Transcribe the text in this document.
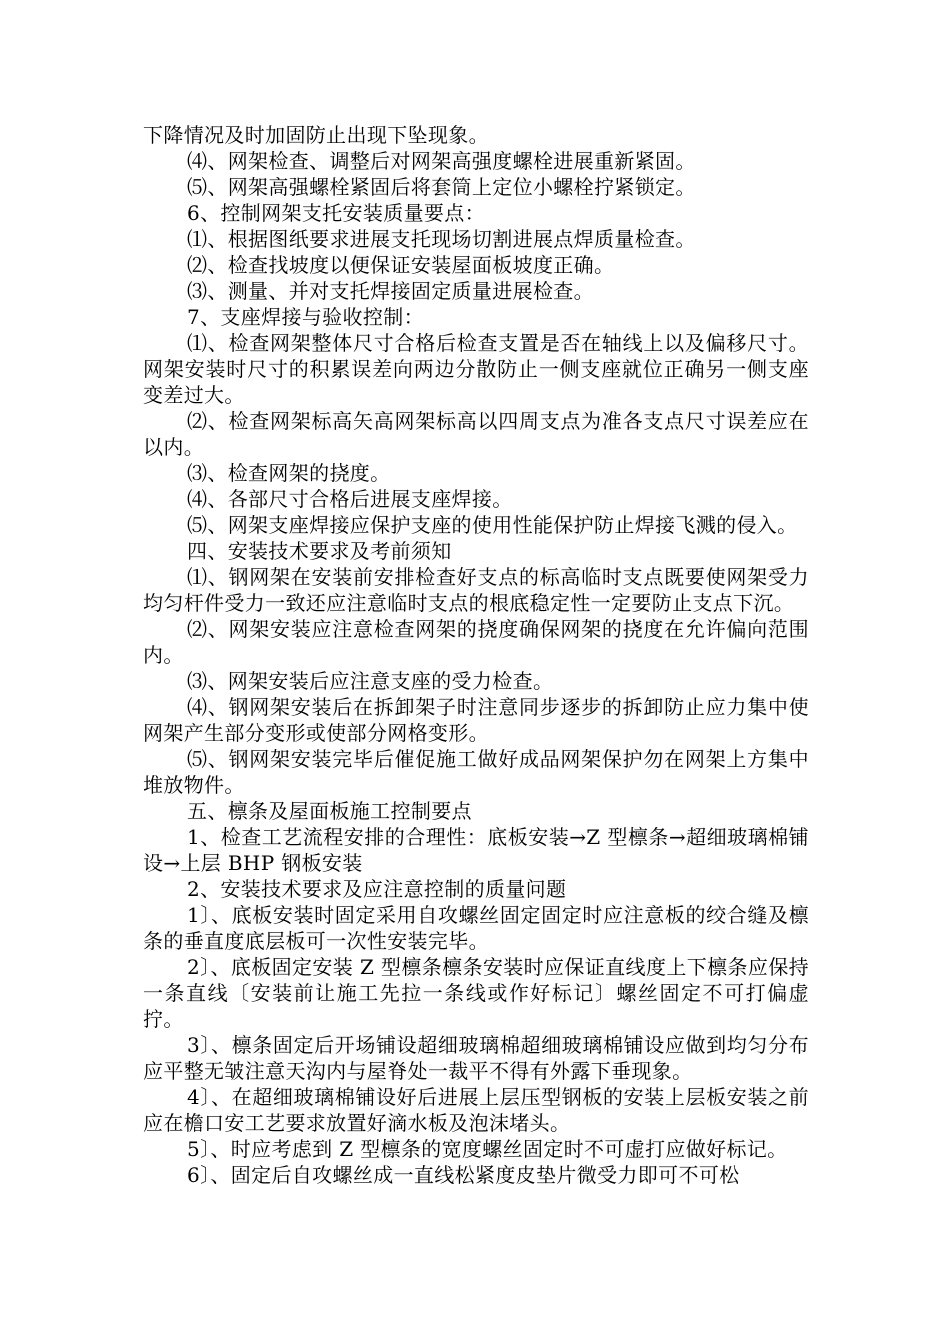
下降情况及时加固防止出现下坠现象。

⑷、网架检查、调整后对网架高强度螺栓进展重新紧固。

⑸、网架高强螺栓紧固后将套筒上定位小螺栓拧紧锁定。

6、控制网架支托安装质量要点：

⑴、根据图纸要求进展支托现场切割进展点焊质量检查。

⑵、检查找坡度以便保证安装屋面板坡度正确。

⑶、测量、并对支托焊接固定质量进展检查。

7、支座焊接与验收控制：

⑴、检查网架整体尺寸合格后检查支置是否在轴线上以及偏移尺寸。网架安装时尺寸的积累误差向两边分散防止一侧支座就位正确另一侧支座变差过大。

⑵、检查网架标高矢高网架标高以四周支点为准各支点尺寸误差应在以内。

⑶、检查网架的挠度。

⑷、各部尺寸合格后进展支座焊接。

⑸、网架支座焊接应保护支座的使用性能保护防止焊接飞溅的侵入。

四、安装技术要求及考前须知

⑴、钢网架在安装前安排检查好支点的标高临时支点既要使网架受力均匀杆件受力一致还应注意临时支点的根底稳定性一定要防止支点下沉。

⑵、网架安装应注意检查网架的挠度确保网架的挠度在允许偏向范围内。

⑶、网架安装后应注意支座的受力检查。

⑷、钢网架安装后在拆卸架子时注意同步逐步的拆卸防止应力集中使网架产生部分变形或使部分网格变形。

⑸、钢网架安装完毕后催促施工做好成品网架保护勿在网架上方集中堆放物件。

五、檩条及屋面板施工控制要点

1、检查工艺流程安排的合理性：底板安装→Z 型檩条→超细玻璃棉铺设→上层 BHP 钢板安装

2、安装技术要求及应注意控制的质量问题

1〕、底板安装时固定采用自攻螺丝固定固定时应注意板的绞合缝及檩条的垂直度底层板可一次性安装完毕。

2〕、底板固定安装 Z 型檩条檩条安装时应保证直线度上下檩条应保持一条直线〔安装前让施工先拉一条线或作好标记〕螺丝固定不可打偏虚拧。

3〕、檩条固定后开场铺设超细玻璃棉超细玻璃棉铺设应做到均匀分布应平整无皱注意天沟内与屋脊处一裁平不得有外露下垂现象。

4〕、在超细玻璃棉铺设好后进展上层压型钢板的安装上层板安装之前应在檐口安工艺要求放置好滴水板及泡沫堵头。

5〕、时应考虑到 Z 型檩条的宽度螺丝固定时不可虚打应做好标记。

6〕、固定后自攻螺丝成一直线松紧度皮垫片微受力即可不可松
